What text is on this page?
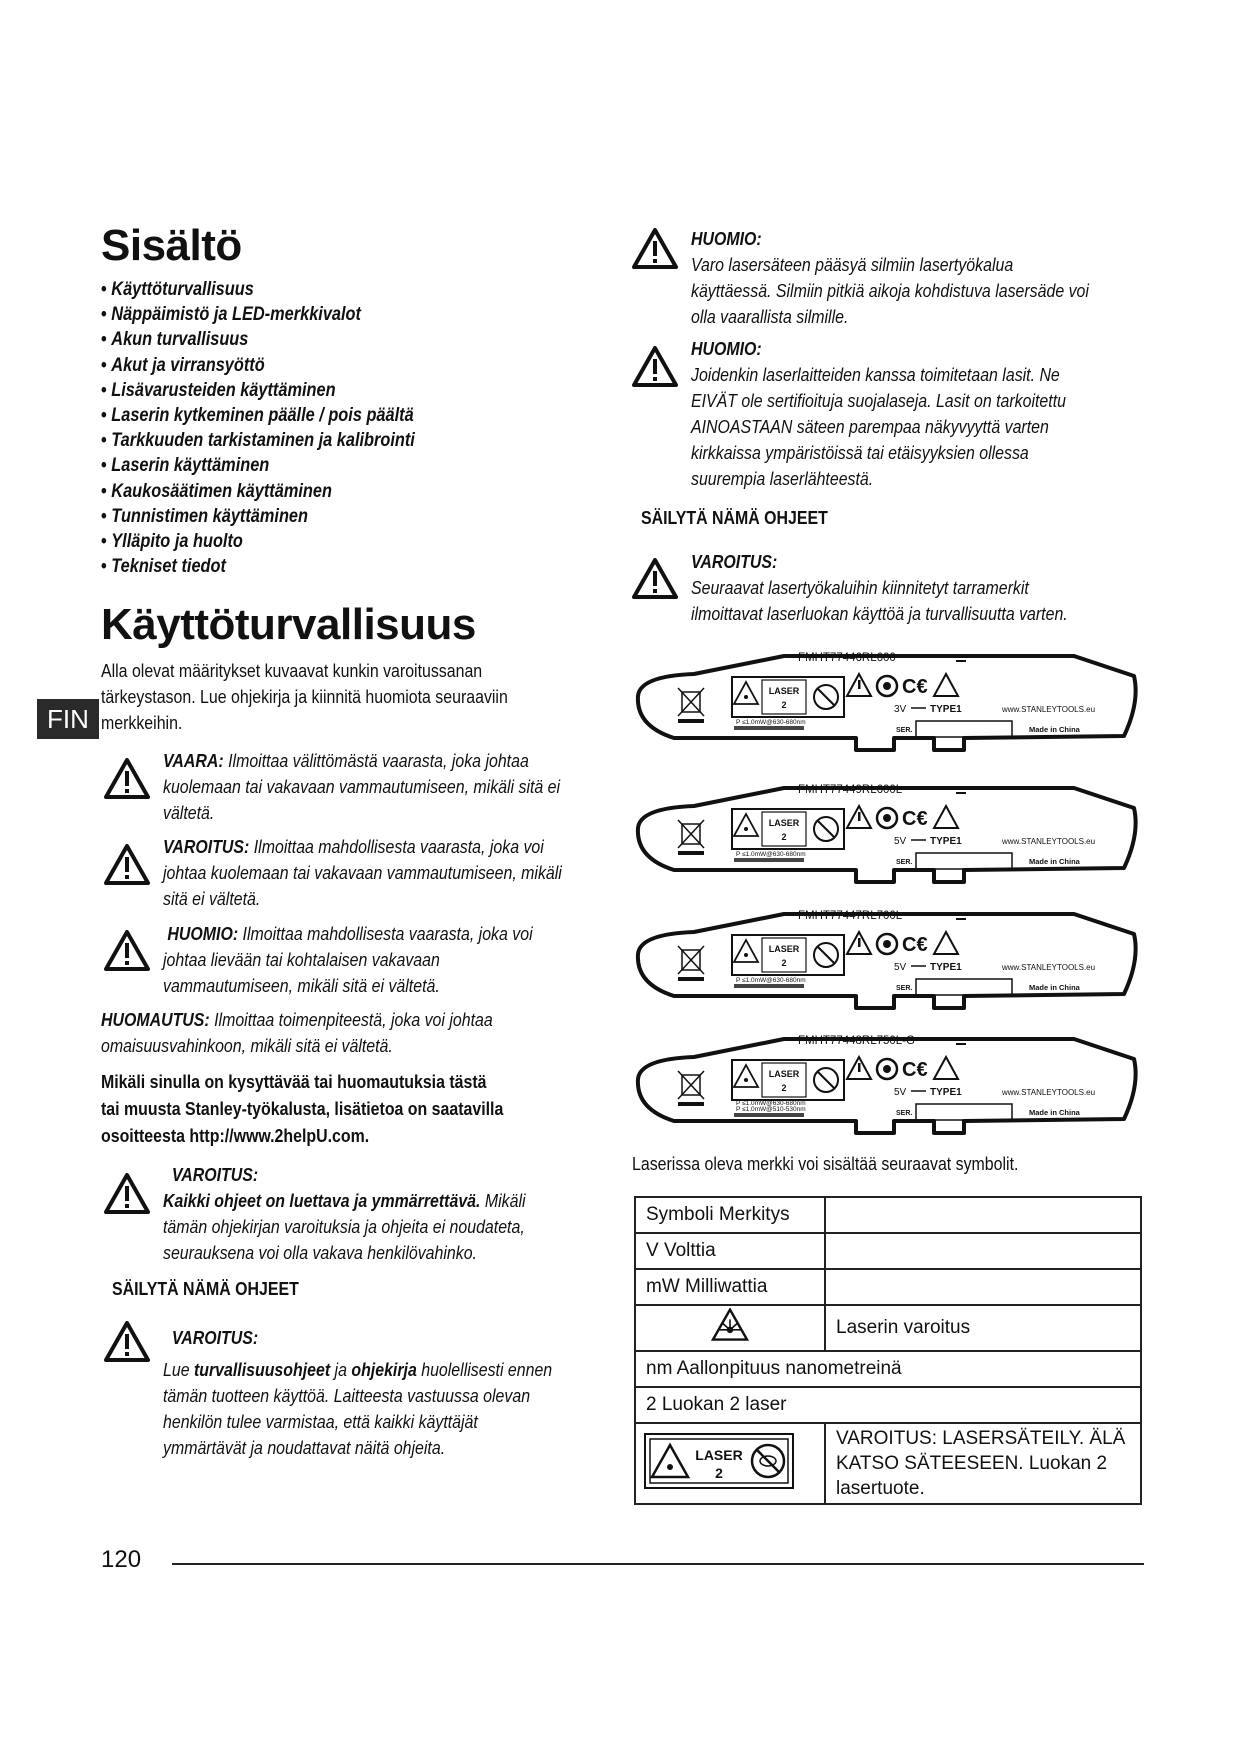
Sisältö
• Käyttöturvallisuus
• Näppäimistö ja LED-merkkivalot
• Akun turvallisuus
• Akut ja virransyöttö
• Lisävarusteiden käyttäminen
• Laserin kytkeminen päälle / pois päältä
• Tarkkuuden tarkistaminen ja kalibrointi
• Laserin käyttäminen
• Kaukosäätimen käyttäminen
• Tunnistimen käyttäminen
• Ylläpito ja huolto
• Tekniset tiedot
Käyttöturvallisuus
Alla olevat määritykset kuvaavat kunkin varoitussanan
tärkeystason. Lue ohjekirja ja kiinnitä huomiota seuraaviin
merkkeihin.
FIN
VAARA: Ilmoittaa välittömästä vaarasta, joka johtaa
kuolemaan tai vakavaan vammautumiseen, mikäli sitä ei
vältetä.
VAROITUS: Ilmoittaa mahdollisesta vaarasta, joka voi
johtaa kuolemaan tai vakavaan vammautumiseen, mikäli
sitä ei vältetä.
HUOMIO: Ilmoittaa mahdollisesta vaarasta, joka voi
johtaa lievään tai kohtalaisen vakavaan
vammautumiseen, mikäli sitä ei vältetä.
HUOMAUTUS: Ilmoittaa toimenpiteestä, joka voi johtaa
omaisuusvahinkoon, mikäli sitä ei vältetä.
Mikäli sinulla on kysyttävää tai huomautuksia tästä
tai muusta Stanley-työkalusta, lisätietoa on saatavilla
osoitteesta http://www.2helpU.com.
VAROITUS:
Kaikki ohjeet on luettava ja ymmärrettävä. Mikäli
tämän ohjekirjan varoituksia ja ohjeita ei noudateta,
seurauksena voi olla vakava henkilövahinko.
SÄILYTÄ NÄMÄ OHJEET
VAROITUS:
Lue turvallisuusohjeet ja ohjekirja huolellisesti ennen
tämän tuotteen käyttöä. Laitteesta vastuussa olevan
henkilön tulee varmistaa, että kaikki käyttäjät
ymmärtävät ja noudattavat näitä ohjeita.
HUOMIO:
Varo lasersäteen pääsyä silmiin lasertyökalua
käyttäessä. Silmiin pitkiä aikoja kohdistuva lasersäde voi
olla vaarallista silmille.
HUOMIO:
Joidenkin laserlaitteiden kanssa toimitetaan lasit. Ne
EIVÄT ole sertifioituja suojalaseja. Lasit on tarkoitettu
AINOASTAAN säteen parempaa näkyvyyttä varten
kirkkaissa ympäristöissä tai etäisyyksien ollessa
suurempia laserlähteestä.
SÄILYTÄ NÄMÄ OHJEET
VAROITUS:
Seuraavat lasertyökaluihin kiinnitetyt tarramerkit
ilmoittavat laserluokan käyttöä ja turvallisuutta varten.
FMHT77446RL600
LASER
2
P ≤1.0mW@630-680nm
C€
3V TYPE1	www.STANLEYTOOLS.eu
SER.	Made in China
FMHT77449RL600L
LASER
2
P ≤1.0mW@630-680nm
C€
5V TYPE1	www.STANLEYTOOLS.eu
SER.	Made in China
FMHT77447RL700L
LASER
2
P ≤1.0mW@630-680nm
C€
5V TYPE1	www.STANLEYTOOLS.eu
SER.	Made in China
FMHT77448RL750L-G
LASER
2
P ≤1.0mW@630-680nm
P ≤1.0mW@510-530nm
C€
5V TYPE1	www.STANLEYTOOLS.eu
SER.	Made in China
Laserissa oleva merkki voi sisältää seuraavat symbolit.
Symboli Merkitys	
V Volttia	
mW Milliwattia	
	Laserin varoitus
nm Aallonpituus nanometreinä	
2 Luokan 2 laser	

LASER
2	VAROITUS: LASERSÄTEILY. ÄLÄ KATSO SÄTEESEEN. Luokan 2 lasertuote.
120
